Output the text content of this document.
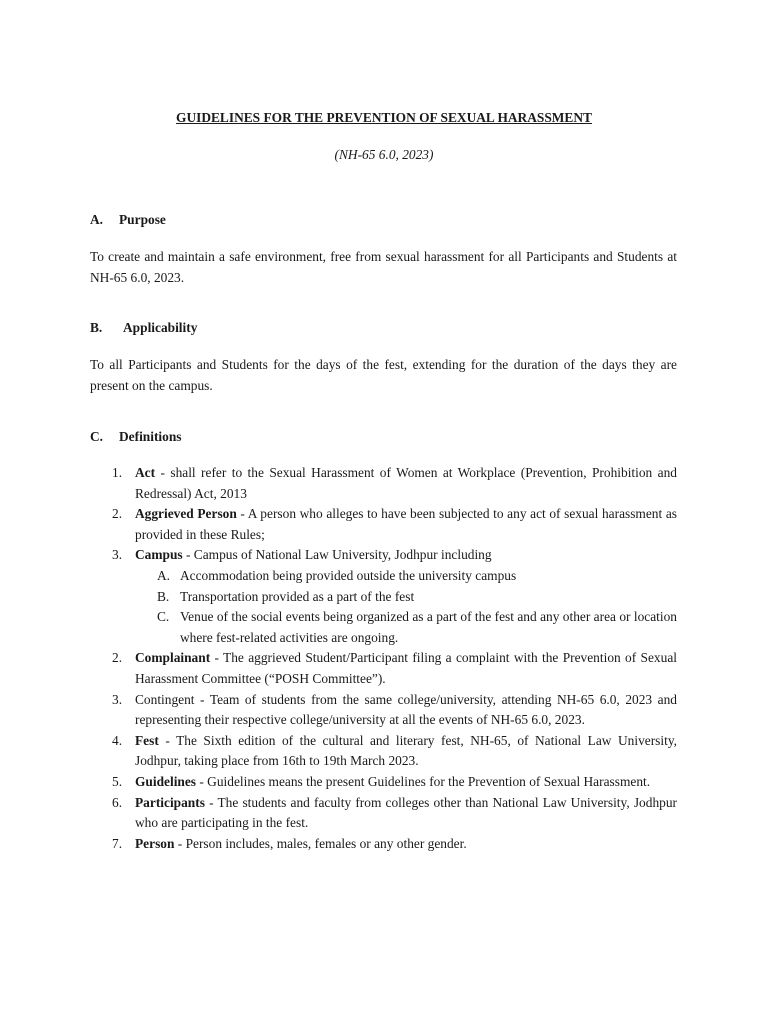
GUIDELINES FOR THE PREVENTION OF SEXUAL HARASSMENT
(NH-65 6.0, 2023)
A. Purpose

To create and maintain a safe environment, free from sexual harassment for all Participants and Students at NH-65 6.0, 2023.

B. Applicability

To all Participants and Students for the days of the fest, extending for the duration of the days they are present on the campus.

C. Definitions
1. Act - shall refer to the Sexual Harassment of Women at Workplace (Prevention, Prohibition and Redressal) Act, 2013
2. Aggrieved Person - A person who alleges to have been subjected to any act of sexual harassment as provided in these Rules;
3. Campus - Campus of National Law University, Jodhpur including
A. Accommodation being provided outside the university campus
B. Transportation provided as a part of the fest
C. Venue of the social events being organized as a part of the fest and any other area or location where fest-related activities are ongoing.
2. Complainant - The aggrieved Student/Participant filing a complaint with the Prevention of Sexual Harassment Committee (“POSH Committee”).
3. Contingent - Team of students from the same college/university, attending NH-65 6.0, 2023 and representing their respective college/university at all the events of NH-65 6.0, 2023.
4. Fest - The Sixth edition of the cultural and literary fest, NH-65, of National Law University, Jodhpur, taking place from 16th to 19th March 2023.
5. Guidelines - Guidelines means the present Guidelines for the Prevention of Sexual Harassment.
6. Participants - The students and faculty from colleges other than National Law University, Jodhpur who are participating in the fest.
7. Person - Person includes, males, females or any other gender.
